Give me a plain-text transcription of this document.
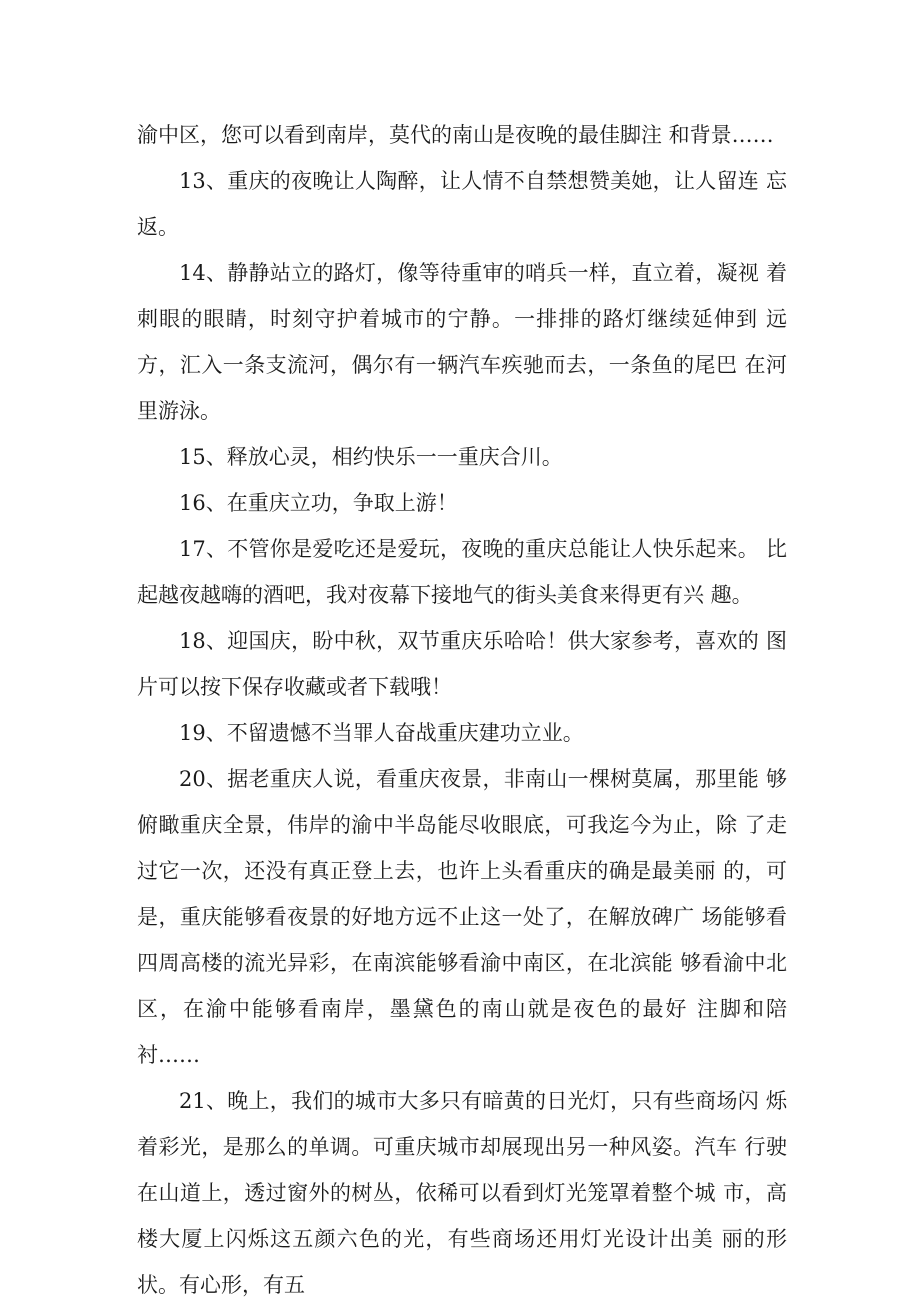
渝中区，您可以看到南岸，莫代的南山是夜晚的最佳脚注 和背景……

13、重庆的夜晚让人陶醉，让人情不自禁想赞美她，让人留连 忘返。

14、静静站立的路灯，像等待重审的哨兵一样，直立着，凝视 着刺眼的眼睛，时刻守护着城市的宁静。一排排的路灯继续延伸到 远方，汇入一条支流河，偶尔有一辆汽车疾驰而去，一条鱼的尾巴 在河里游泳。

15、释放心灵，相约快乐一一重庆合川。

16、在重庆立功，争取上游！

17、不管你是爱吃还是爱玩，夜晚的重庆总能让人快乐起来。 比起越夜越嗨的酒吧，我对夜幕下接地气的街头美食来得更有兴 趣。

18、迎国庆，盼中秋，双节重庆乐哈哈！供大家参考，喜欢的 图片可以按下保存收藏或者下载哦！

19、不留遗憾不当罪人奋战重庆建功立业。

20、据老重庆人说，看重庆夜景，非南山一棵树莫属，那里能 够俯瞰重庆全景，伟岸的渝中半岛能尽收眼底，可我迄今为止，除 了走过它一次，还没有真正登上去，也许上头看重庆的确是最美丽 的，可是，重庆能够看夜景的好地方远不止这一处了，在解放碑广 场能够看四周高楼的流光异彩，在南滨能够看渝中南区，在北滨能 够看渝中北区，在渝中能够看南岸，墨黛色的南山就是夜色的最好 注脚和陪衬……

21、晚上，我们的城市大多只有暗黄的日光灯，只有些商场闪 烁着彩光，是那么的单调。可重庆城市却展现出另一种风姿。汽车 行驶在山道上，透过窗外的树丛，依稀可以看到灯光笼罩着整个城 市，高楼大厦上闪烁这五颜六色的光，有些商场还用灯光设计出美 丽的形状。有心形，有五
